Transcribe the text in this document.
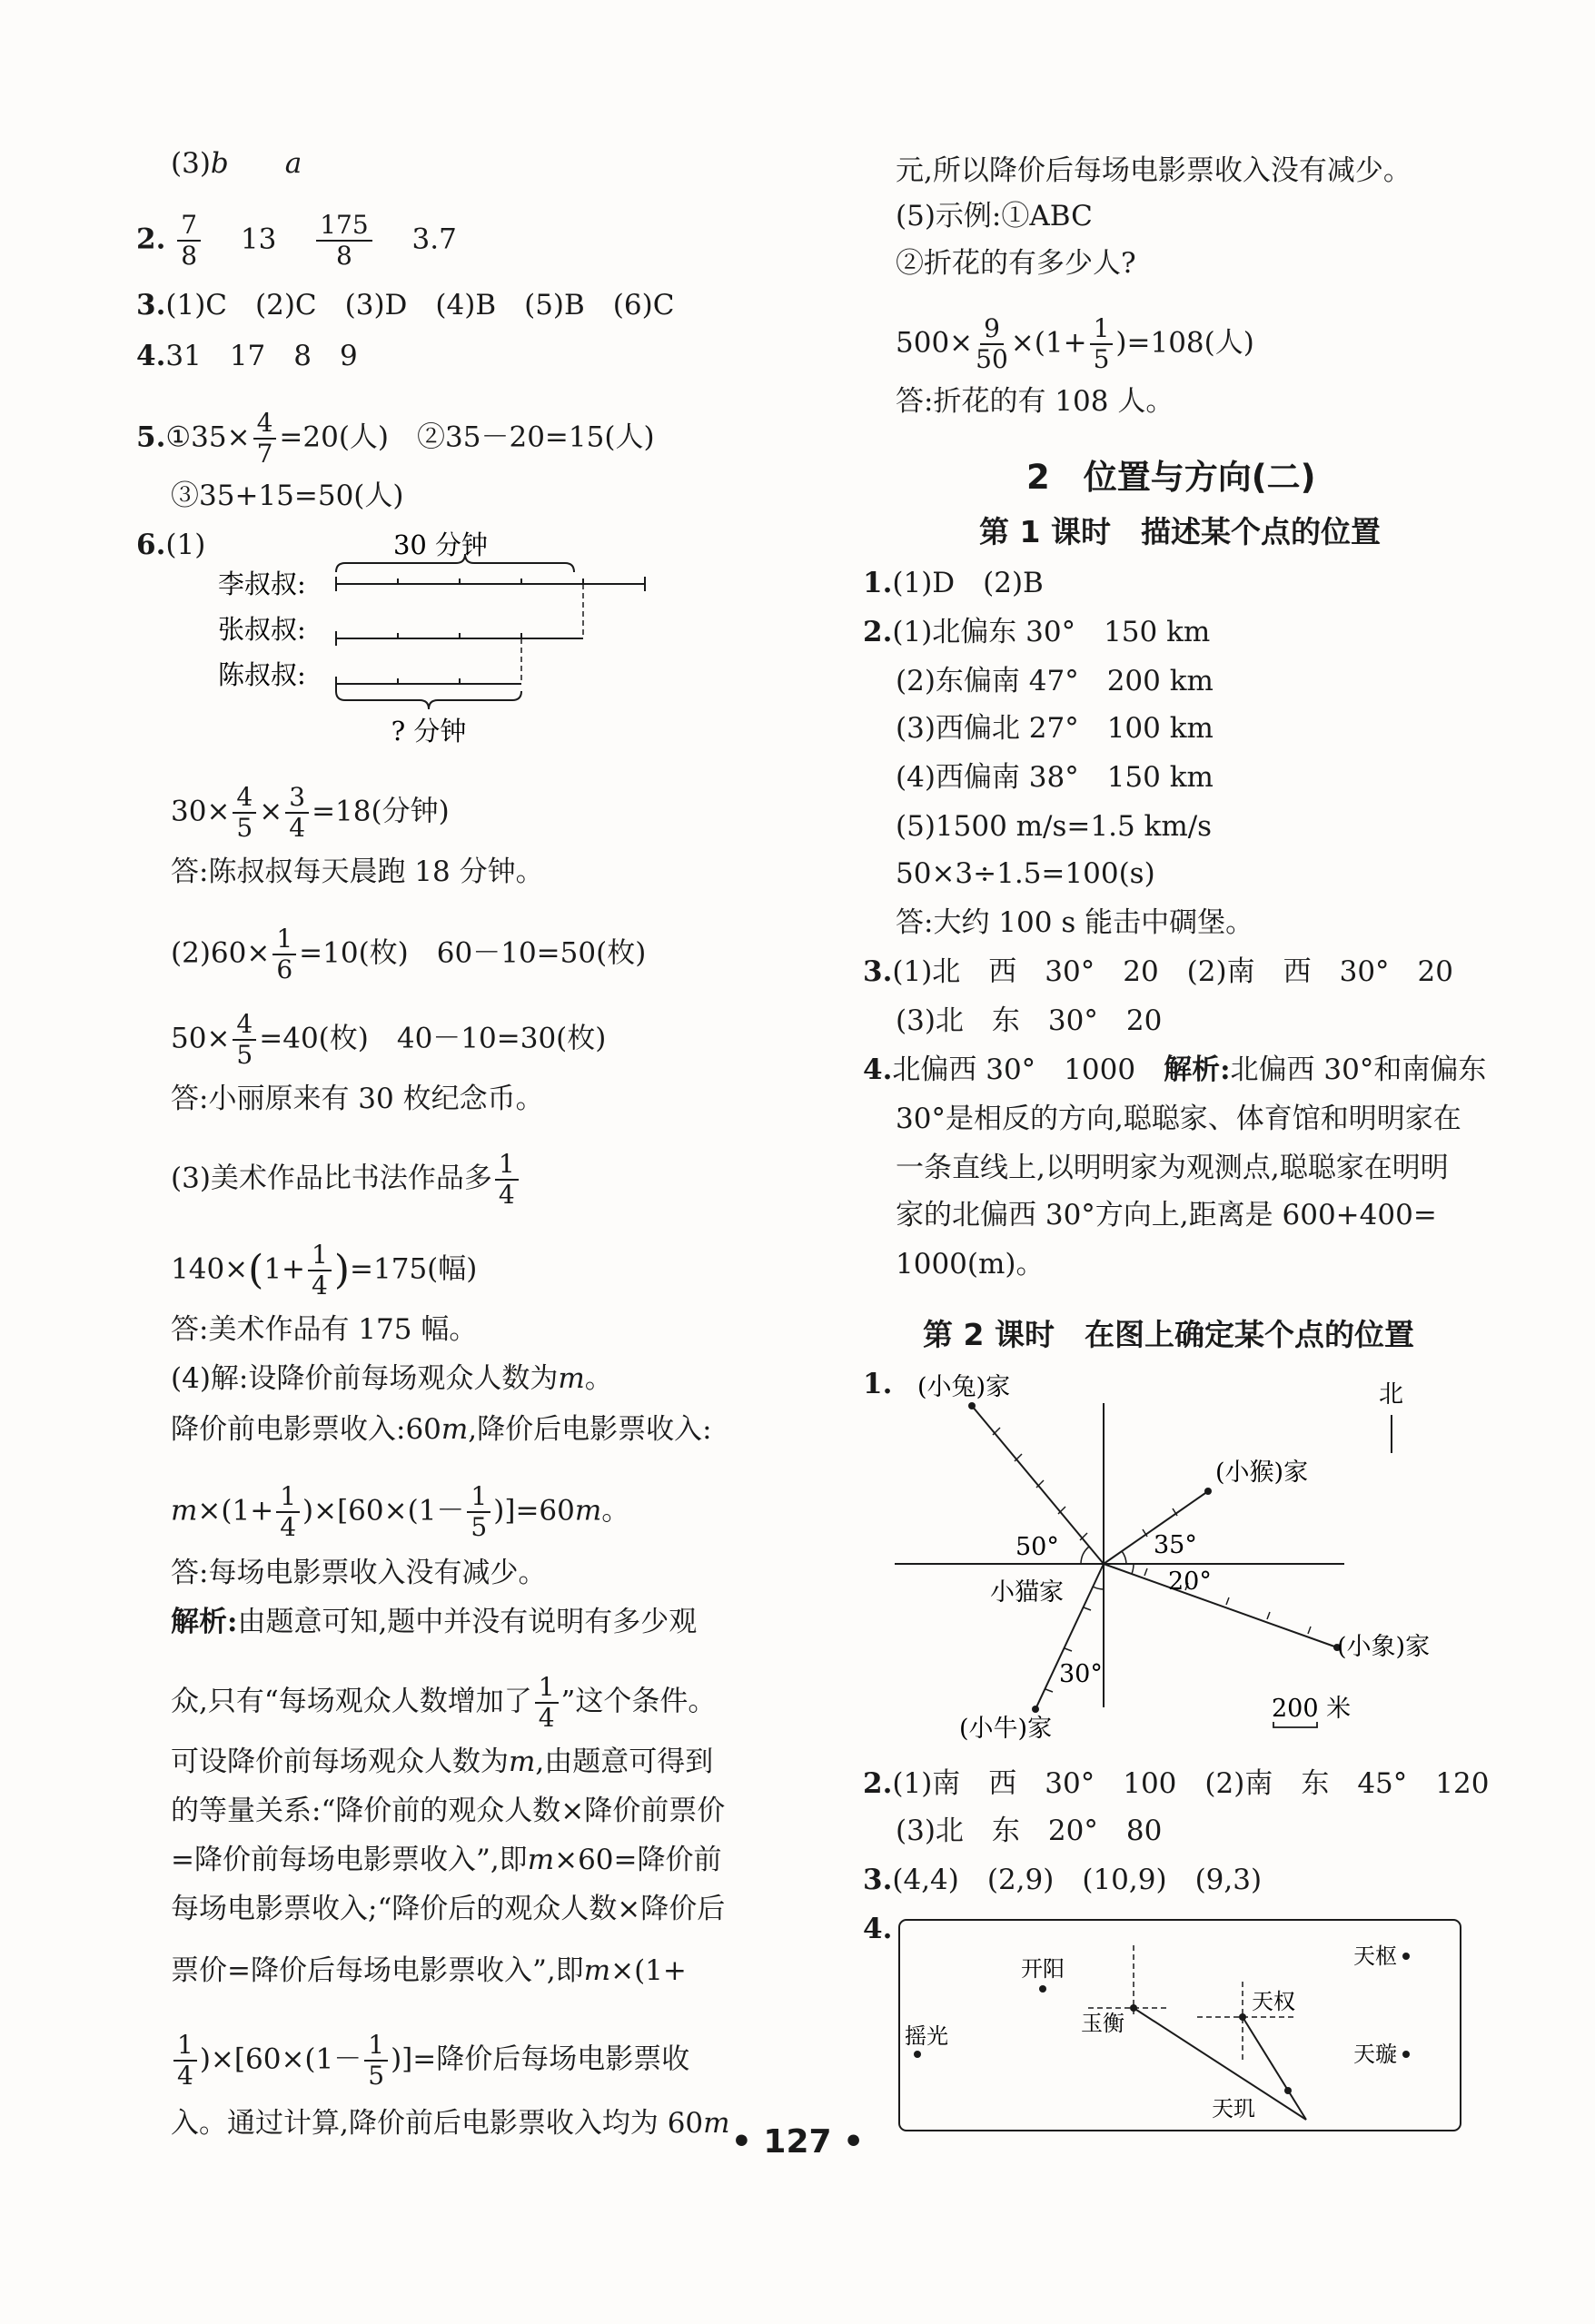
(3)b　　 a
2. $\frac{7}{8}$
　 13　 $\frac{175}{8}$
　 3.7
3.(1)C　(2)C　(3)D　(4)B　(5)B　(6)C
4.31　17　8　9
5.①35× $\frac{4}{7} =20$(人)　②35－20=15(人)
③35+15=50(人)
6.(1)	30 分钟
李叔叔:
张叔叔:
陈叔叔:
? 分钟
$30\times \frac{4}{5} \times \frac{3}{4} =18$(分钟)
答:陈叔叔每天晨跑 18 分钟。
$(2)60\times \frac{1}{6} =10$(枚)　60－10=50(枚)
$50\times \frac{4}{5} =40$(枚)　40－10=30(枚)
答:小丽原来有 30 枚纪念币。
(3)美术作品比书法作品多 $\frac{1}{4}$
$140\times(1+ \frac{1}{4} )=175$(幅)
答:美术作品有 175 幅。
(4)解:设降价前每场观众人数为m。
降价前电影票收入:60m,降价后电影票收入:
$m\times(1+ \frac{1}{4} )\times[60\times(1- \frac{1}{5} )]=60m$。
答:每场电影票收入没有减少。
解析:由题意可知,题中并没有说明有多少观
众,只有“每场观众人数增加了 $\frac{1}{4}$ ”这个条件。
可设降价前每场观众人数为m,由题意可得到
的等量关系:“降价前的观众人数×降价前票价
=降价前每场电影票收入”,即m×60=降价前
每场电影票收入;“降价后的观众人数×降价后
票价=降价后每场电影票收入”,即m×(1+
$\frac{1}{4} )\times[60\times(1- \frac{1}{5}$ )]=降价后每场电影票收
入。通过计算,降价前后电影票收入均为 60m
元,所以降价后每场电影票收入没有减少。
(5)示例:①ABC
②折花的有多少人?
$500\times \frac{9}{50} \times(1+ \frac{1}{5} )=108$(人)
答:折花的有 108 人。
2　 位置与方向(二)
第 1 课时　 描述某个点的位置
1.(1)D　(2)B
2.(1)北偏东 30°　150 km
(2)东偏南 47°　200 km
(3)西偏北 27°　100 km
(4)西偏南 38°　150 km
(5)1500 m/s=1.5 km/s
50×3÷1.5=100(s)
答:大约 100 s 能击中碉堡。
3.(1)北　西　30°　20　(2)南　西　30°　20
(3)北　东　30°　20
4.北偏西 30°　1000　 解析:北偏西 30°和南偏东
30°是相反的方向,聪聪家、体育馆和明明家在
一条直线上,以明明家为观测点,聪聪家在明明
家的北偏西 30°方向上,距离是 600+400=
1000(m)。
第 2 课时　 在图上确定某个点的位置
1. (小兔)家
(小猴)家
(小象)家
(小牛)家
小猫家
50°	35°
20°
30°
北
200 米
2.(1)南　西　30°　100　(2)南　东　45°　120
(3)北　东　20°　80
3.(4,4)　(2,9)　(10,9)　(9,3)
4.
开阳	天枢
玉衡
天权
摇光
天璇
天玑
• 127 •
